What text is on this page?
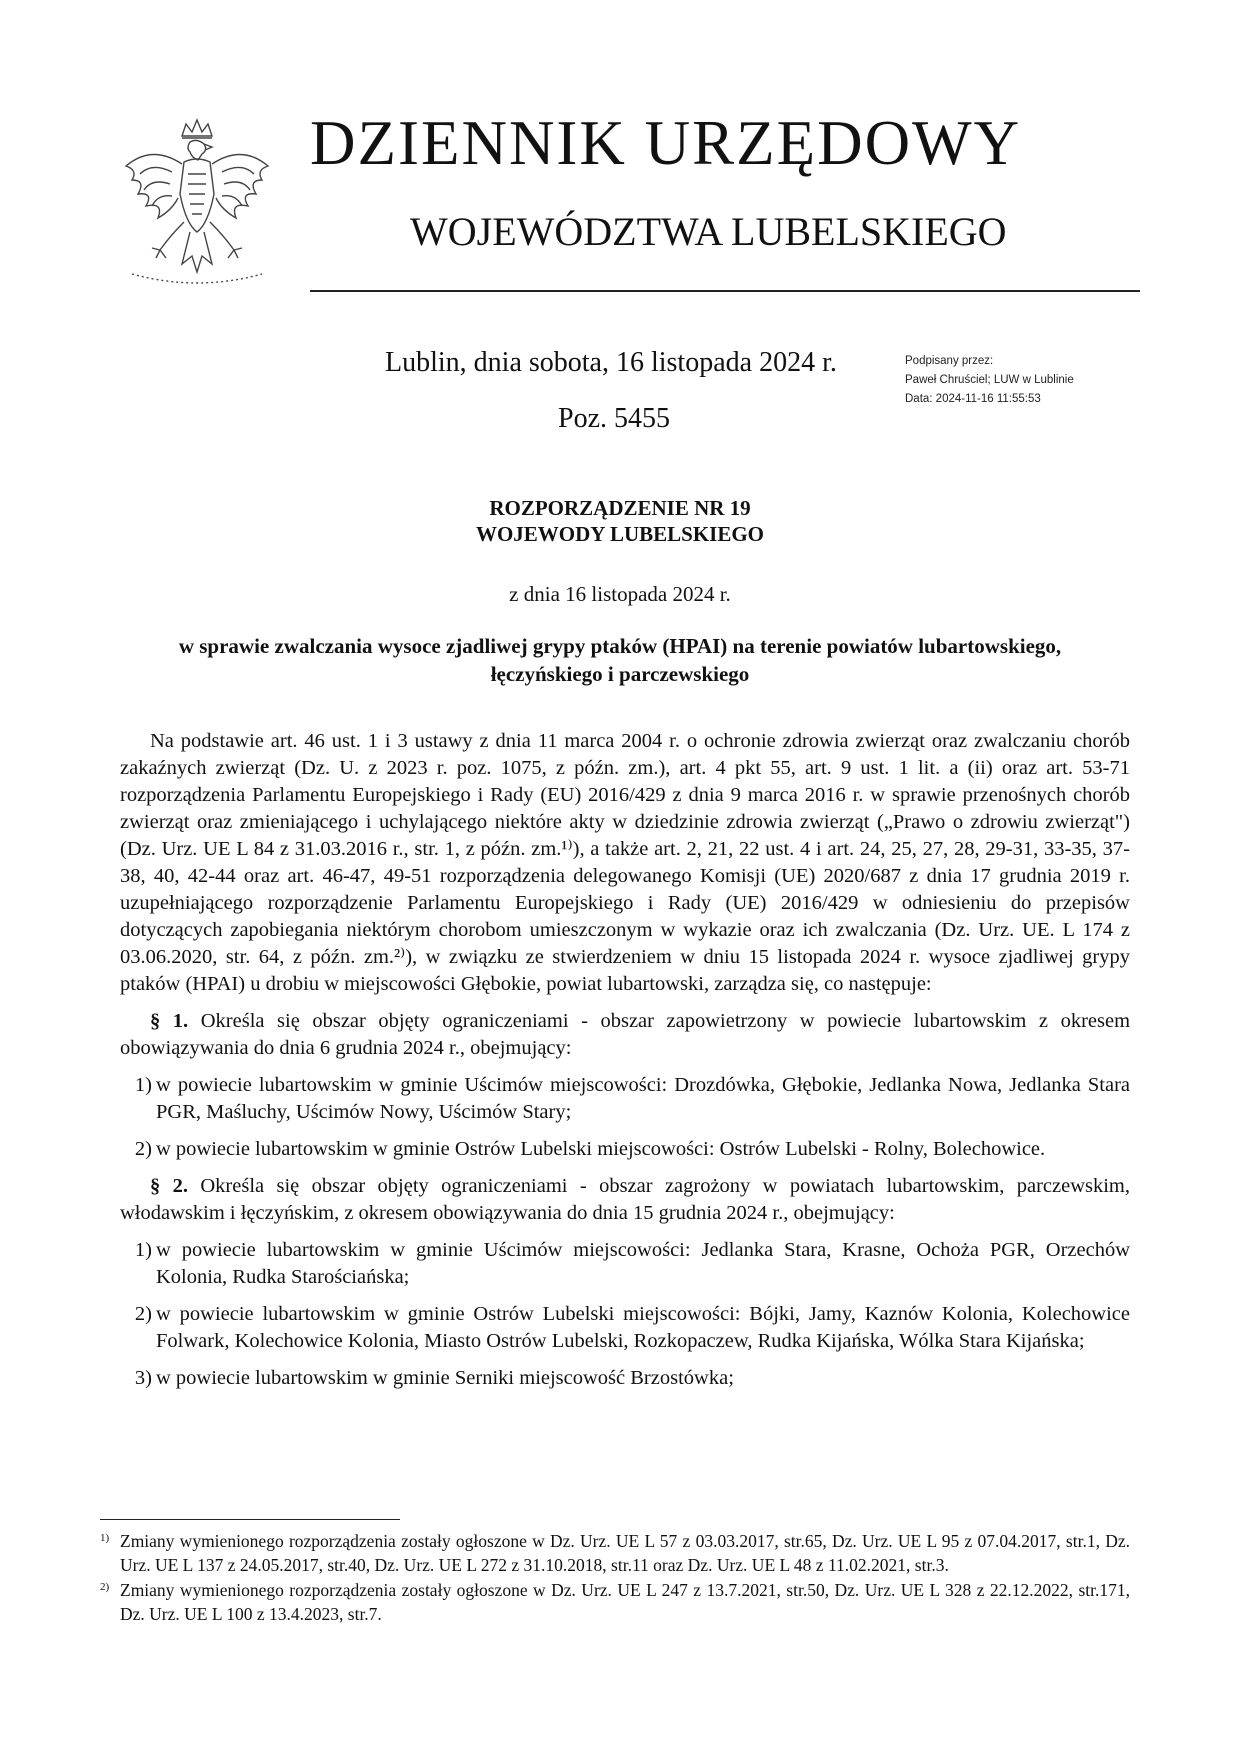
DZIENNIK URZĘDOWY
WOJEWÓDZTWA LUBELSKIEGO
Lublin, dnia sobota, 16 listopada 2024 r.
Poz. 5455
Podpisany przez:
Paweł Chruściel; LUW w Lublinie
Data: 2024-11-16 11:55:53
ROZPORZĄDZENIE NR 19
WOJEWODY LUBELSKIEGO
z dnia 16 listopada 2024 r.
w sprawie zwalczania wysoce zjadliwej grypy ptaków (HPAI) na terenie powiatów lubartowskiego, łęczyńskiego i parczewskiego

Na podstawie art. 46 ust. 1 i 3 ustawy z dnia 11 marca 2004 r. o ochronie zdrowia zwierząt oraz zwalczaniu chorób zakaźnych zwierząt (Dz. U. z 2023 r. poz. 1075, z późn. zm.), art. 4 pkt 55, art. 9 ust. 1 lit. a (ii) oraz art. 53-71 rozporządzenia Parlamentu Europejskiego i Rady (EU) 2016/429 z dnia 9 marca 2016 r. w sprawie przenośnych chorób zwierząt oraz zmieniającego i uchylającego niektóre akty w dziedzinie zdrowia zwierząt („Prawo o zdrowiu zwierząt") (Dz. Urz. UE L 84 z 31.03.2016 r., str. 1, z późn. zm.¹⁾), a także art. 2, 21, 22 ust. 4 i art. 24, 25, 27, 28, 29-31, 33-35, 37-38, 40, 42-44 oraz art. 46-47, 49-51 rozporządzenia delegowanego Komisji (UE) 2020/687 z dnia 17 grudnia 2019 r. uzupełniającego rozporządzenie Parlamentu Europejskiego i Rady (UE) 2016/429 w odniesieniu do przepisów dotyczących zapobiegania niektórym chorobom umieszczonym w wykazie oraz ich zwalczania (Dz. Urz. UE. L 174 z 03.06.2020, str. 64, z późn. zm.²⁾), w związku ze stwierdzeniem w dniu 15 listopada 2024 r. wysoce zjadliwej grypy ptaków (HPAI) u drobiu w miejscowości Głębokie, powiat lubartowski, zarządza się, co następuje:

§ 1. Określa się obszar objęty ograniczeniami - obszar zapowietrzony w powiecie lubartowskim z okresem obowiązywania do dnia 6 grudnia 2024 r., obejmujący:

1) w powiecie lubartowskim w gminie Uścimów miejscowości: Drozdówka, Głębokie, Jedlanka Nowa, Jedlanka Stara PGR, Maśluchy, Uścimów Nowy, Uścimów Stary;
2) w powiecie lubartowskim w gminie Ostrów Lubelski miejscowości: Ostrów Lubelski - Rolny, Bolechowice.

§ 2. Określa się obszar objęty ograniczeniami - obszar zagrożony w powiatach lubartowskim, parczewskim, włodawskim i łęczyńskim, z okresem obowiązywania do dnia 15 grudnia 2024 r., obejmujący:

1) w powiecie lubartowskim w gminie Uścimów miejscowości: Jedlanka Stara, Krasne, Ochoża PGR, Orzechów Kolonia, Rudka Starościańska;
2) w powiecie lubartowskim w gminie Ostrów Lubelski miejscowości: Bójki, Jamy, Kaznów Kolonia, Kolechowice Folwark, Kolechowice Kolonia, Miasto Ostrów Lubelski, Rozkopaczew, Rudka Kijańska, Wólka Stara Kijańska;
3) w powiecie lubartowskim w gminie Serniki miejscowość Brzostówka;
1) Zmiany wymienionego rozporządzenia zostały ogłoszone w Dz. Urz. UE L 57 z 03.03.2017, str.65, Dz. Urz. UE L 95 z 07.04.2017, str.1, Dz. Urz. UE L 137 z 24.05.2017, str.40, Dz. Urz. UE L 272 z 31.10.2018, str.11 oraz Dz. Urz. UE L 48 z 11.02.2021, str.3.
2) Zmiany wymienionego rozporządzenia zostały ogłoszone w Dz. Urz. UE L 247 z 13.7.2021, str.50, Dz. Urz. UE L 328 z 22.12.2022, str.171, Dz. Urz. UE L 100 z 13.4.2023, str.7.
